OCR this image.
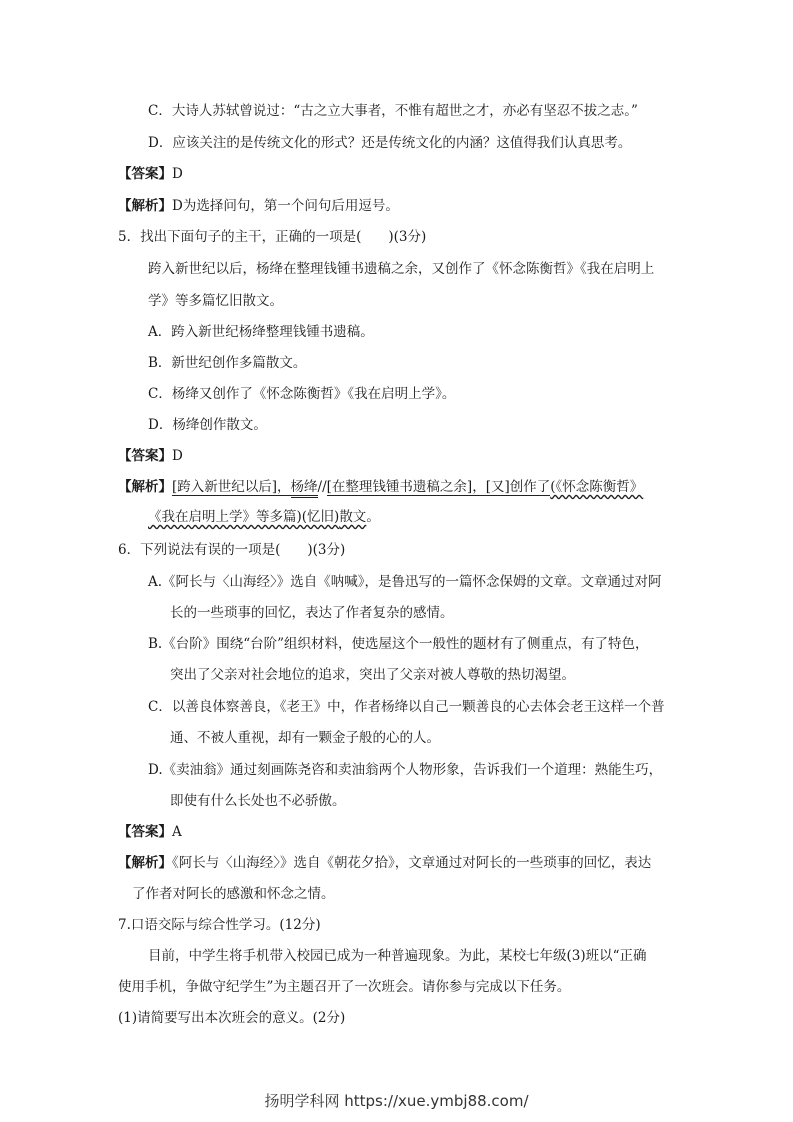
C．大诗人苏轼曾说过：“古之立大事者，不惟有超世之才，亦必有坚忍不拔之志。”
D．应该关注的是传统文化的形式？还是传统文化的内涵？这值得我们认真思考。
【答案】D
【解析】D为选择问句，第一个问句后用逗号。
5．找出下面句子的主干，正确的一项是(　　)(3分)
跨入新世纪以后，杨绛在整理钱锺书遗稿之余，又创作了《怀念陈衡哲》《我在启明上
学》等多篇忆旧散文。
A．跨入新世纪杨绛整理钱锺书遗稿。
B．新世纪创作多篇散文。
C．杨绛又创作了《怀念陈衡哲》《我在启明上学》。
D．杨绛创作散文。
【答案】D
【解析】[跨入新世纪以后]，杨绛//[在整理钱锺书遗稿之余]，[又]创作了(《怀念陈衡哲》
《我在启明上学》等多篇)(忆旧)散文。
6．下列说法有误的一项是(　　)(3分)
A.《阿长与〈山海经〉》选自《呐喊》，是鲁迅写的一篇怀念保姆的文章。文章通过对阿
长的一些琐事的回忆，表达了作者复杂的感情。
B.《台阶》围绕“台阶”组织材料，使选屋这个一般性的题材有了侧重点，有了特色，
突出了父亲对社会地位的追求，突出了父亲对被人尊敬的热切渴望。
C．以善良体察善良，《老王》中，作者杨绛以自己一颗善良的心去体会老王这样一个普
通、不被人重视，却有一颗金子般的心的人。
D.《卖油翁》通过刻画陈尧咨和卖油翁两个人物形象，告诉我们一个道理：熟能生巧，
即使有什么长处也不必骄傲。
【答案】A
【解析】《阿长与〈山海经〉》选自《朝花夕拾》，文章通过对阿长的一些琐事的回忆，表达
了作者对阿长的感激和怀念之情。
7.口语交际与综合性学习。(12分)
目前，中学生将手机带入校园已成为一种普遍现象。为此，某校七年级(3)班以“正确
使用手机，争做守纪学生”为主题召开了一次班会。请你参与完成以下任务。
(1)请简要写出本次班会的意义。(2分)
扬明学科网 https://xue.ymbj88.com/
